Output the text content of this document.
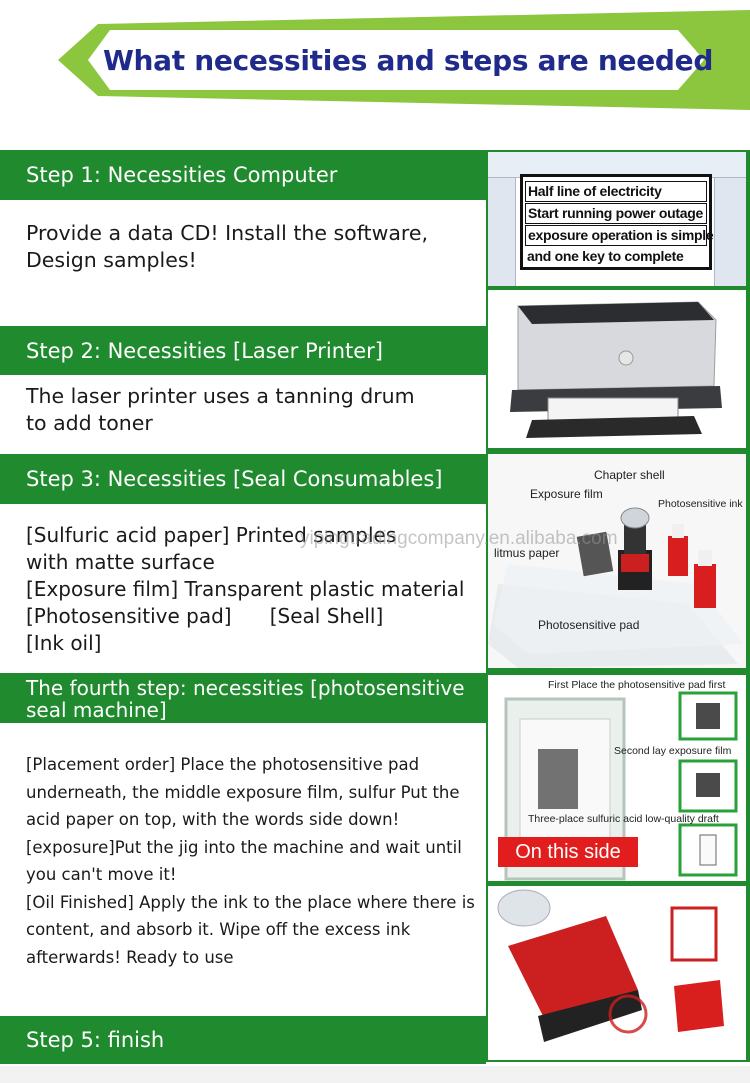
What necessities and steps are needed
Half line of electricity
Start running power outage
exposure operation is simple
and one key to complete
Chapter shell
Exposure film
Photosensitive ink
litmus paper
Photosensitive pad
First Place the photosensitive pad first
Second lay exposure film
Three-place sulfuric acid low-quality draft
On this side
Step 1: Necessities Computer
Provide a data CD! Install the software,
Design samples!
Step 2: Necessities [Laser Printer]
The laser printer uses a tanning drum
to add toner
Step 3: Necessities [Seal Consumables]
[Sulfuric acid paper] Printed samples
with matte surface
[Exposure film] Transparent plastic material
[Photosensitive pad]      [Seal Shell]
[Ink oil]
yipingtradingcompany.en.alibaba.com
The fourth step: necessities [photosensitive
seal machine]
[Placement order] Place the photosensitive pad
underneath, the middle exposure film, sulfur Put the
acid paper on top, with the words side down!
[exposure]Put the jig into the machine and wait until
you can't move it!
[Oil Finished] Apply the ink to the place where there is
content, and absorb it. Wipe off the excess ink
afterwards! Ready to use
Step 5: finish
